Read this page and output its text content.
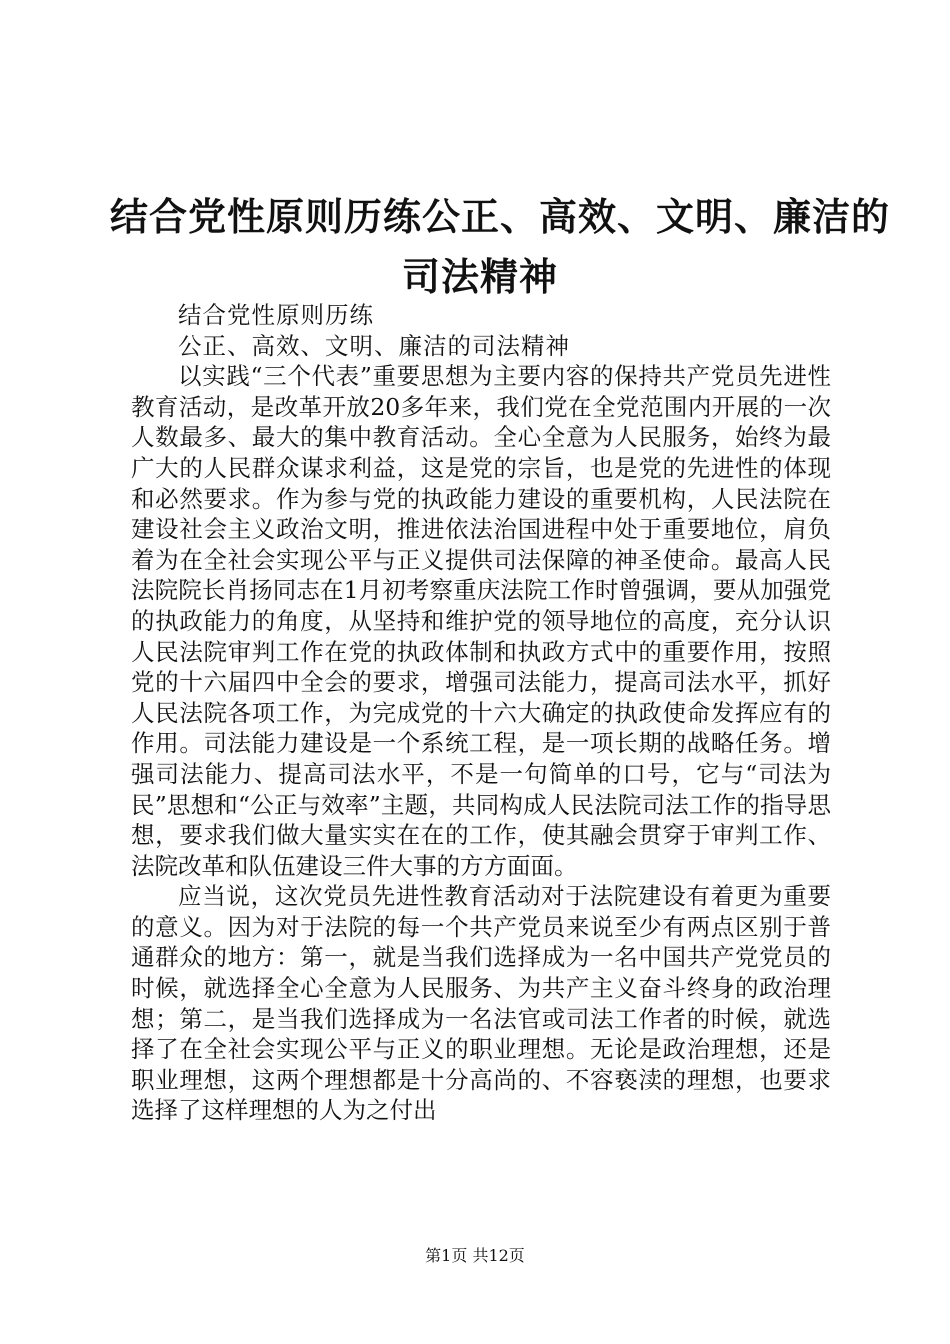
结合党性原则历练公正、高效、文明、廉洁的
司法精神

结合党性原则历练

公正、高效、文明、廉洁的司法精神

以实践“三个代表”重要思想为主要内容的保持共产党员先进性教育活动，是改革开放20多年来，我们党在全党范围内开展的一次人数最多、最大的集中教育活动。全心全意为人民服务，始终为最广大的人民群众谋求利益，这是党的宗旨，也是党的先进性的体现和必然要求。作为参与党的执政能力建设的重要机构，人民法院在建设社会主义政治文明，推进依法治国进程中处于重要地位，肩负着为在全社会实现公平与正义提供司法保障的神圣使命。最高人民法院院长肖扬同志在1月初考察重庆法院工作时曾强调，要从加强党的执政能力的角度，从坚持和维护党的领导地位的高度，充分认识人民法院审判工作在党的执政体制和执政方式中的重要作用，按照党的十六届四中全会的要求，增强司法能力，提高司法水平，抓好人民法院各项工作，为完成党的十六大确定的执政使命发挥应有的作用。司法能力建设是一个系统工程，是一项长期的战略任务。增强司法能力、提高司法水平，不是一句简单的口号，它与“司法为民”思想和“公正与效率”主题，共同构成人民法院司法工作的指导思想，要求我们做大量实实在在的工作，使其融会贯穿于审判工作、法院改革和队伍建设三件大事的方方面面。

应当说，这次党员先进性教育活动对于法院建设有着更为重要的意义。因为对于法院的每一个共产党员来说至少有两点区别于普通群众的地方：第一，就是当我们选择成为一名中国共产党党员的时候，就选择全心全意为人民服务、为共产主义奋斗终身的政治理想；第二，是当我们选择成为一名法官或司法工作者的时候，就选择了在全社会实现公平与正义的职业理想。无论是政治理想，还是职业理想，这两个理想都是十分高尚的、不容亵渎的理想，也要求选择了这样理想的人为之付出

第1页 共12页
